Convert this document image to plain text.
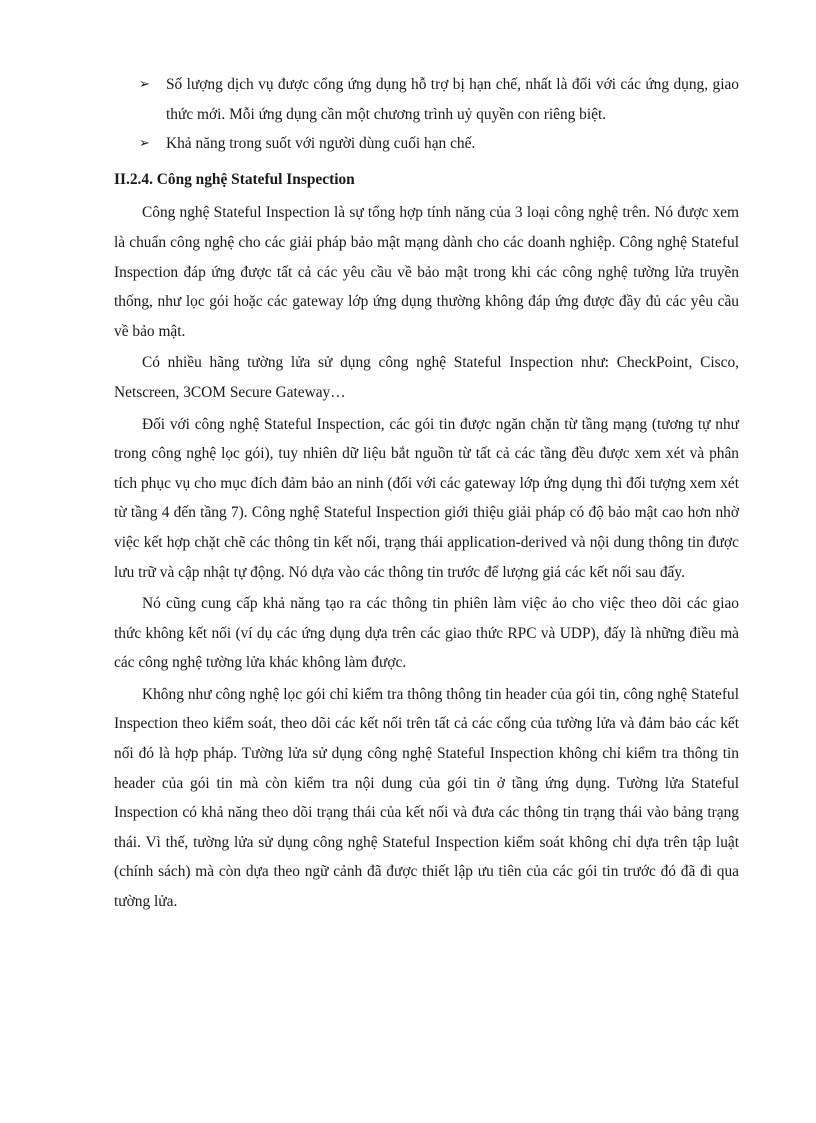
➢ Số lượng dịch vụ được cổng ứng dụng hỗ trợ bị hạn chế, nhất là đối với các ứng dụng, giao thức mới. Mỗi ứng dụng cần một chương trình uỷ quyền con riêng biệt.
➢ Khả năng trong suốt với người dùng cuối hạn chế.
II.2.4. Công nghệ Stateful Inspection

Công nghệ Stateful Inspection là sự tổng hợp tính năng của 3 loại công nghệ trên. Nó được xem là chuẩn công nghệ cho các giải pháp bảo mật mạng dành cho các doanh nghiệp. Công nghệ Stateful Inspection đáp ứng được tất cả các yêu cầu về bảo mật trong khi các công nghệ tường lửa truyền thống, như lọc gói hoặc các gateway lớp ứng dụng thường không đáp ứng được đầy đủ các yêu cầu về bảo mật.

Có nhiều hãng tường lửa sử dụng công nghệ Stateful Inspection như: CheckPoint, Cisco, Netscreen, 3COM Secure Gateway…

Đối với công nghệ Stateful Inspection, các gói tin được ngăn chặn từ tầng mạng (tương tự như trong công nghệ lọc gói), tuy nhiên dữ liệu bắt nguồn từ tất cả các tầng đều được xem xét và phân tích phục vụ cho mục đích đảm bảo an ninh (đối với các gateway lớp ứng dụng thì đối tượng xem xét từ tầng 4 đến tầng 7). Công nghệ Stateful Inspection giới thiệu giải pháp có độ bảo mật cao hơn nhờ việc kết hợp chặt chẽ các thông tin kết nối, trạng thái application-derived và nội dung thông tin được lưu trữ và cập nhật tự động. Nó dựa vào các thông tin trước để lượng giá các kết nối sau đấy.

Nó cũng cung cấp khả năng tạo ra các thông tin phiên làm việc ảo cho việc theo dõi các giao thức không kết nối (ví dụ các ứng dụng dựa trên các giao thức RPC và UDP), đấy là những điều mà các công nghệ tường lửa khác không làm được.

Không như công nghệ lọc gói chỉ kiểm tra thông thông tin header của gói tin, công nghệ Stateful Inspection theo kiểm soát, theo dõi các kết nối trên tất cả các cổng của tường lửa và đảm bảo các kết nối đó là hợp pháp. Tường lửa sử dụng công nghệ Stateful Inspection không chỉ kiểm tra thông tin header của gói tin mà còn kiểm tra nội dung của gói tin ở tầng ứng dụng. Tường lửa Stateful Inspection có khả năng theo dõi trạng thái của kết nối và đưa các thông tin trạng thái vào bảng trạng thái. Vì thế, tường lửa sử dụng công nghệ Stateful Inspection kiểm soát không chỉ dựa trên tập luật (chính sách) mà còn dựa theo ngữ cảnh đã được thiết lập ưu tiên của các gói tin trước đó đã đi qua tường lửa.
